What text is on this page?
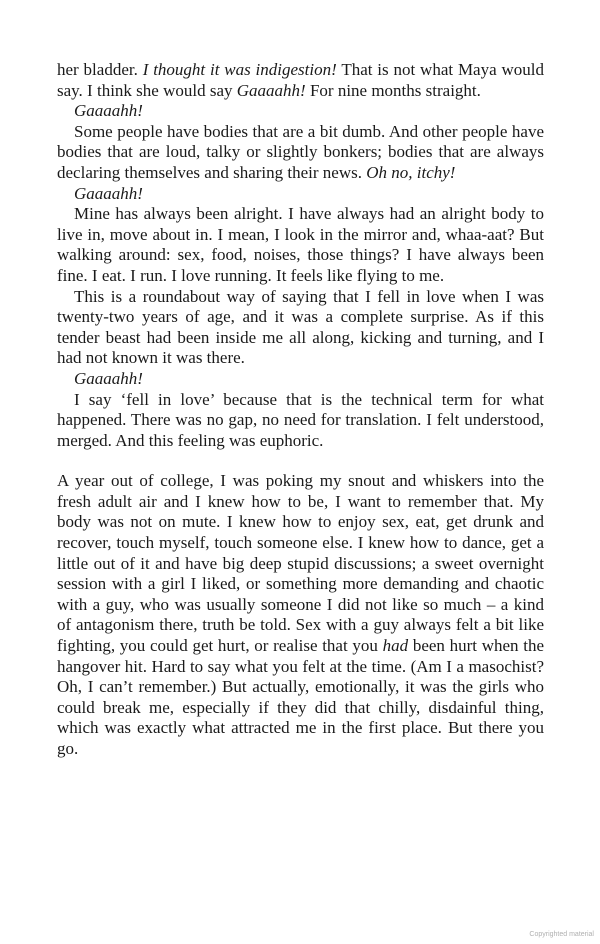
her bladder. I thought it was indigestion! That is not what Maya would say. I think she would say Gaaaahh! For nine months straight.
Gaaaahh!
Some people have bodies that are a bit dumb. And other people have bodies that are loud, talky or slightly bonkers; bodies that are always declaring themselves and sharing their news. Oh no, itchy!
Gaaaahh!
Mine has always been alright. I have always had an alright body to live in, move about in. I mean, I look in the mirror and, whaa-aat? But walking around: sex, food, noises, those things? I have always been fine. I eat. I run. I love running. It feels like flying to me.
This is a roundabout way of saying that I fell in love when I was twenty-two years of age, and it was a complete surprise. As if this tender beast had been inside me all along, kicking and turning, and I had not known it was there.
Gaaaahh!
I say ‘fell in love’ because that is the technical term for what happened. There was no gap, no need for translation. I felt understood, merged. And this feeling was euphoric.
A year out of college, I was poking my snout and whiskers into the fresh adult air and I knew how to be, I want to remember that. My body was not on mute. I knew how to enjoy sex, eat, get drunk and recover, touch myself, touch someone else. I knew how to dance, get a little out of it and have big deep stupid discussions; a sweet overnight session with a girl I liked, or something more demanding and chaotic with a guy, who was usually someone I did not like so much – a kind of antagonism there, truth be told. Sex with a guy always felt a bit like fighting, you could get hurt, or realise that you had been hurt when the hangover hit. Hard to say what you felt at the time. (Am I a masochist? Oh, I can’t remember.) But actually, emotionally, it was the girls who could break me, especially if they did that chilly, disdainful thing, which was exactly what attracted me in the first place. But there you go.
Copyrighted material
